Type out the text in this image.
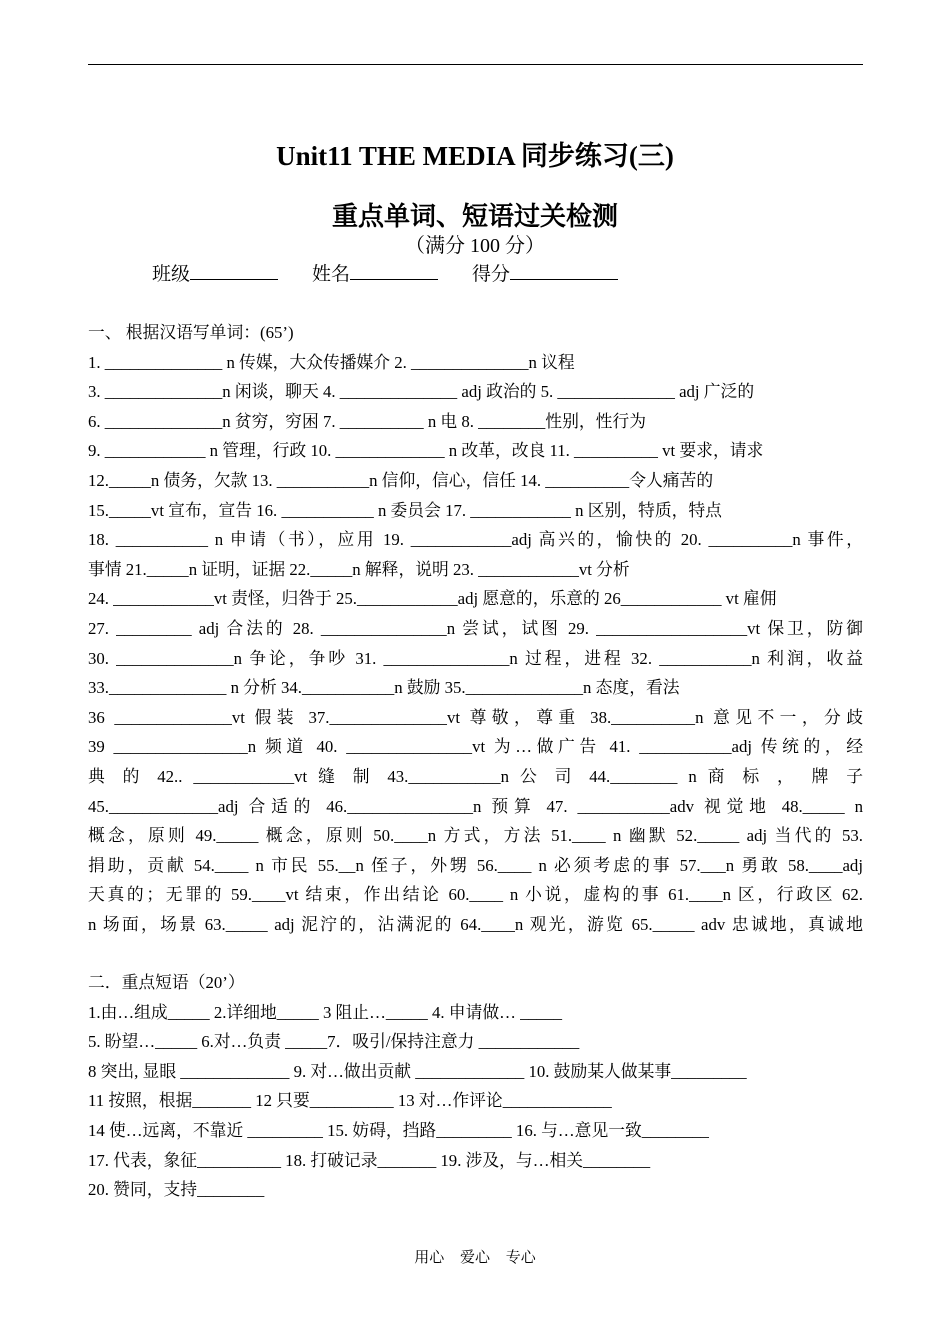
Unit11 THE MEDIA 同步练习(三)
重点单词、短语过关检测
（满分 100 分）
班级	姓名	得分
一、 根据汉语写单词：(65’)
1. ______________ n 传媒，大众传播媒介 2. ______________n 议程
3. ______________n 闲谈，聊天 4. ______________ adj 政治的 5. ______________ adj 广泛的
6. ______________n 贫穷，穷困 7. __________ n 电 8. ________性别，性行为
9. ____________ n 管理，行政 10. _____________ n 改革，改良 11. __________ vt 要求，请求
12._____n 债务，欠款 13. ___________n 信仰，信心，信任 14. __________令人痛苦的
15._____vt 宣布，宣告 16. ___________ n 委员会 17. ____________ n 区别，特质，特点
18. ___________ n 申请（书），应用 19. ____________adj 高兴的，愉快的 20. __________n 事件，
事情 21._____n 证明，证据 22._____n 解释，说明 23. ____________vt 分析
24. ____________vt 责怪，归咎于 25.____________adj 愿意的，乐意的 26____________ vt 雇佣
27. _________ adj 合法的 28. _______________n 尝试，试图 29. __________________vt 保卫，防御
30. ______________n 争论，争吵 31. _______________n 过程，进程 32. ___________n 利润，收益
33.______________ n 分析 34.___________n 鼓励 35.______________n 态度，看法
36 ______________vt 假装 37.______________vt 尊敬，尊重 38.__________n 意见不一，分歧
39 ________________n 频道 40. _______________vt 为…做广告 41. ___________adj 传统的，经
典 的 42.. ____________vt 缝 制 43.___________n 公 司 44.________ n 商 标 ， 牌 子
45._____________adj 合适的 46._______________n 预算 47. ___________adv 视觉地 48._____ n
概念，原则 49._____ 概念，原则 50.____n 方式，方法 51.____ n 幽默 52._____ adj 当代的 53.
捐助，贡献 54.____ n 市民 55.__n 侄子，外甥 56.____ n 必须考虑的事 57.___n 勇敢 58.____adj
天真的；无罪的 59.____vt 结束，作出结论 60.____ n 小说，虚构的事 61.____n 区，行政区 62.
n 场面，场景 63._____ adj 泥泞的，沾满泥的 64.____n 观光，游览 65._____ adv 忠诚地，真诚地
二．重点短语（20’）
1.由…组成_____ 2.详细地_____ 3 阻止…_____ 4. 申请做… _____
5. 盼望…_____ 6.对…负责 _____7．吸引/保持注意力 ____________
8 突出, 显眼 _____________ 9. 对…做出贡献 _____________ 10. 鼓励某人做某事_________
11 按照，根据_______ 12 只要__________ 13 对…作评论_____________
14 使…远离，不靠近 _________ 15. 妨碍，挡路_________ 16. 与…意见一致________
17. 代表，象征__________ 18. 打破记录_______ 19. 涉及，与…相关________
20. 赞同，支持________
用心 爱心 专心
